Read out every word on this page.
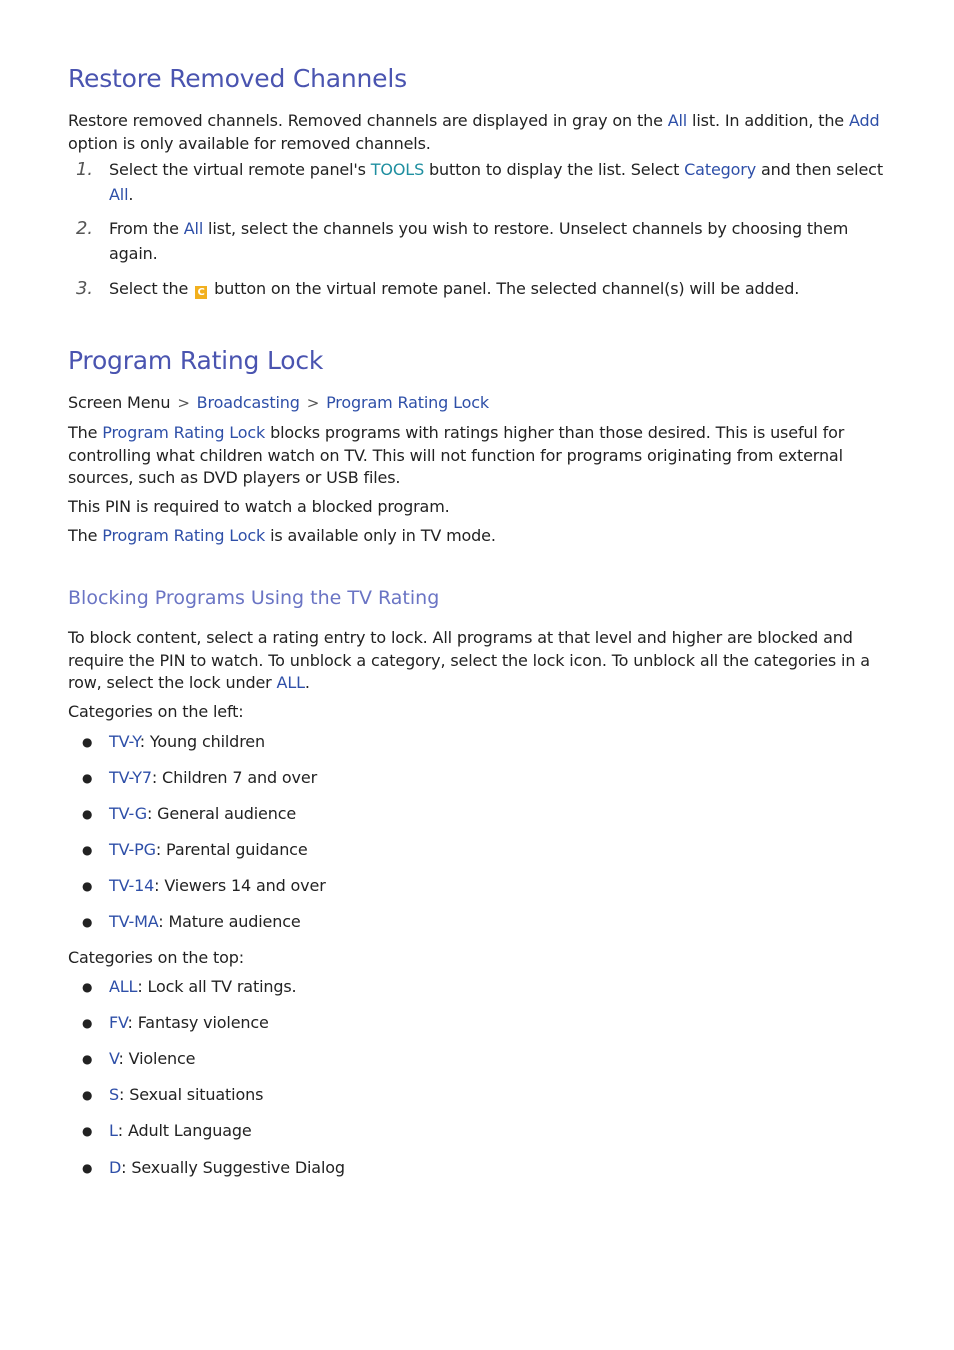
Restore Removed Channels

Restore removed channels. Removed channels are displayed in gray on the All list. In addition, the Add option is only available for removed channels.

1. Select the virtual remote panel's TOOLS button to display the list. Select Category and then select All.
2. From the All list, select the channels you wish to restore. Unselect channels by choosing them again.
3. Select the C button on the virtual remote panel. The selected channel(s) will be added.
Program Rating Lock

Screen Menu > Broadcasting > Program Rating Lock

The Program Rating Lock blocks programs with ratings higher than those desired. This is useful for controlling what children watch on TV. This will not function for programs originating from external sources, such as DVD players or USB files.

This PIN is required to watch a blocked program.

The Program Rating Lock is available only in TV mode.

Blocking Programs Using the TV Rating

To block content, select a rating entry to lock. All programs at that level and higher are blocked and require the PIN to watch. To unblock a category, select the lock icon. To unblock all the categories in a row, select the lock under ALL.

Categories on the left:

● TV-Y: Young children
● TV-Y7: Children 7 and over
● TV-G: General audience
● TV-PG: Parental guidance
● TV-14: Viewers 14 and over
● TV-MA: Mature audience

Categories on the top:

● ALL: Lock all TV ratings.
● FV: Fantasy violence
● V: Violence
● S: Sexual situations
● L: Adult Language
● D: Sexually Suggestive Dialog
